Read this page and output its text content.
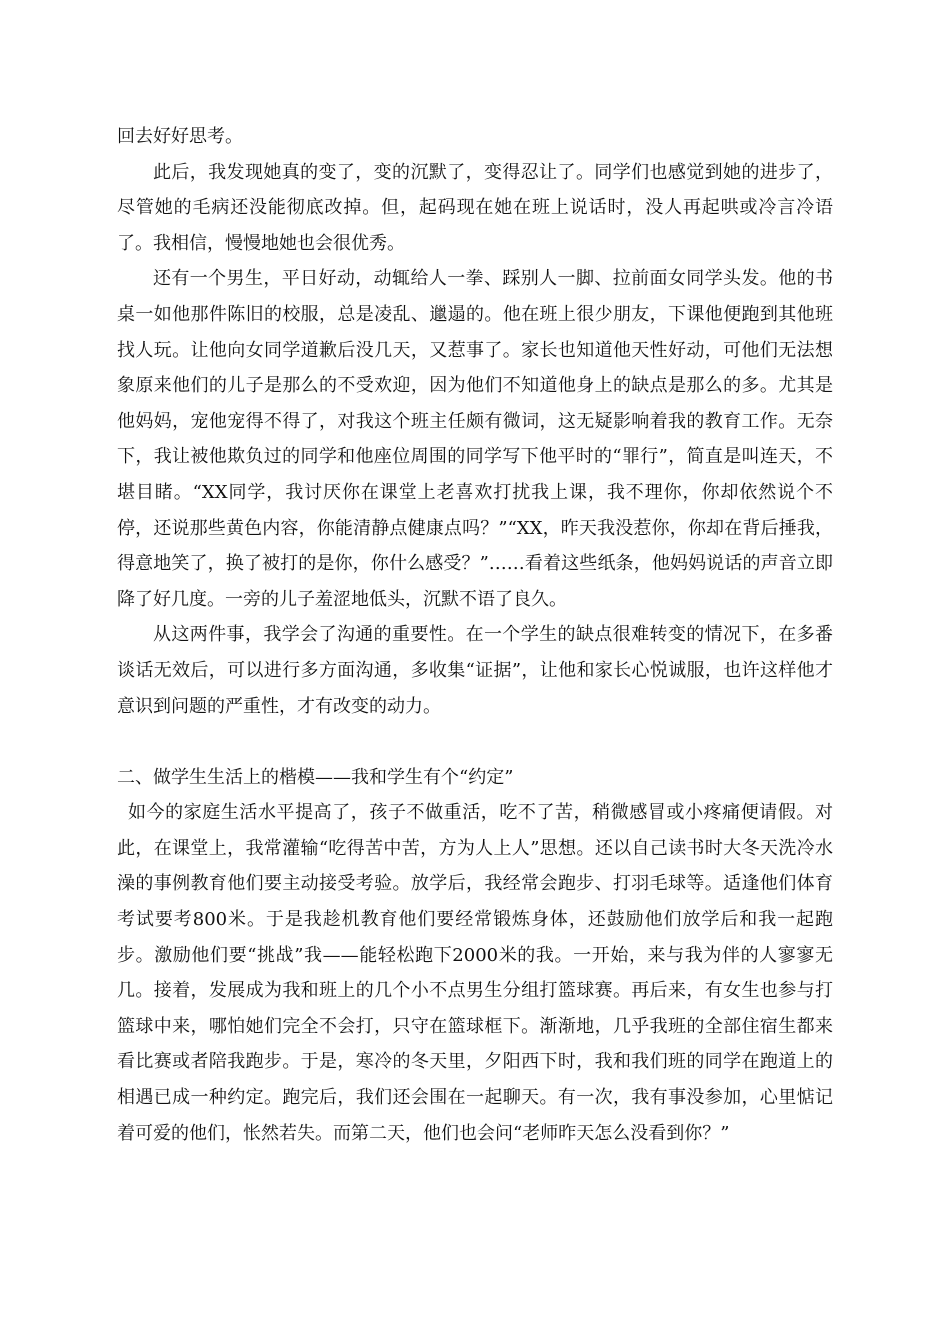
回去好好思考。

此后，我发现她真的变了，变的沉默了，变得忍让了。同学们也感觉到她的进步了，尽管她的毛病还没能彻底改掉。但，起码现在她在班上说话时，没人再起哄或冷言冷语了。我相信，慢慢地她也会很优秀。

还有一个男生，平日好动，动辄给人一拳、踩别人一脚、拉前面女同学头发。他的书桌一如他那件陈旧的校服，总是凌乱、邋遢的。他在班上很少朋友，下课他便跑到其他班找人玩。让他向女同学道歉后没几天，又惹事了。家长也知道他天性好动，可他们无法想象原来他们的儿子是那么的不受欢迎，因为他们不知道他身上的缺点是那么的多。尤其是他妈妈，宠他宠得不得了，对我这个班主任颇有微词，这无疑影响着我的教育工作。无奈下，我让被他欺负过的同学和他座位周围的同学写下他平时的“罪行”，简直是叫连天，不堪目睹。“XX同学，我讨厌你在课堂上老喜欢打扰我上课，我不理你，你却依然说个不停，还说那些黄色内容，你能清静点健康点吗？”“XX，昨天我没惹你，你却在背后捶我，得意地笑了，换了被打的是你，你什么感受？”……看着这些纸条，他妈妈说话的声音立即降了好几度。一旁的儿子羞涩地低头，沉默不语了良久。

从这两件事，我学会了沟通的重要性。在一个学生的缺点很难转变的情况下，在多番谈话无效后，可以进行多方面沟通，多收集“证据”，让他和家长心悦诚服，也许这样他才意识到问题的严重性，才有改变的动力。

二、做学生生活上的楷模——我和学生有个“约定”

如今的家庭生活水平提高了，孩子不做重活，吃不了苦，稍微感冒或小疼痛便请假。对此，在课堂上，我常灌输“吃得苦中苦，方为人上人”思想。还以自己读书时大冬天洗冷水澡的事例教育他们要主动接受考验。放学后，我经常会跑步、打羽毛球等。适逢他们体育考试要考800米。于是我趁机教育他们要经常锻炼身体，还鼓励他们放学后和我一起跑步。激励他们要“挑战”我——能轻松跑下2000米的我。一开始，来与我为伴的人寥寥无几。接着，发展成为我和班上的几个小不点男生分组打篮球赛。再后来，有女生也参与打篮球中来，哪怕她们完全不会打，只守在篮球框下。渐渐地，几乎我班的全部住宿生都来看比赛或者陪我跑步。于是，寒冷的冬天里，夕阳西下时，我和我们班的同学在跑道上的相遇已成一种约定。跑完后，我们还会围在一起聊天。有一次，我有事没参加，心里惦记着可爱的他们，怅然若失。而第二天，他们也会问“老师昨天怎么没看到你？”
